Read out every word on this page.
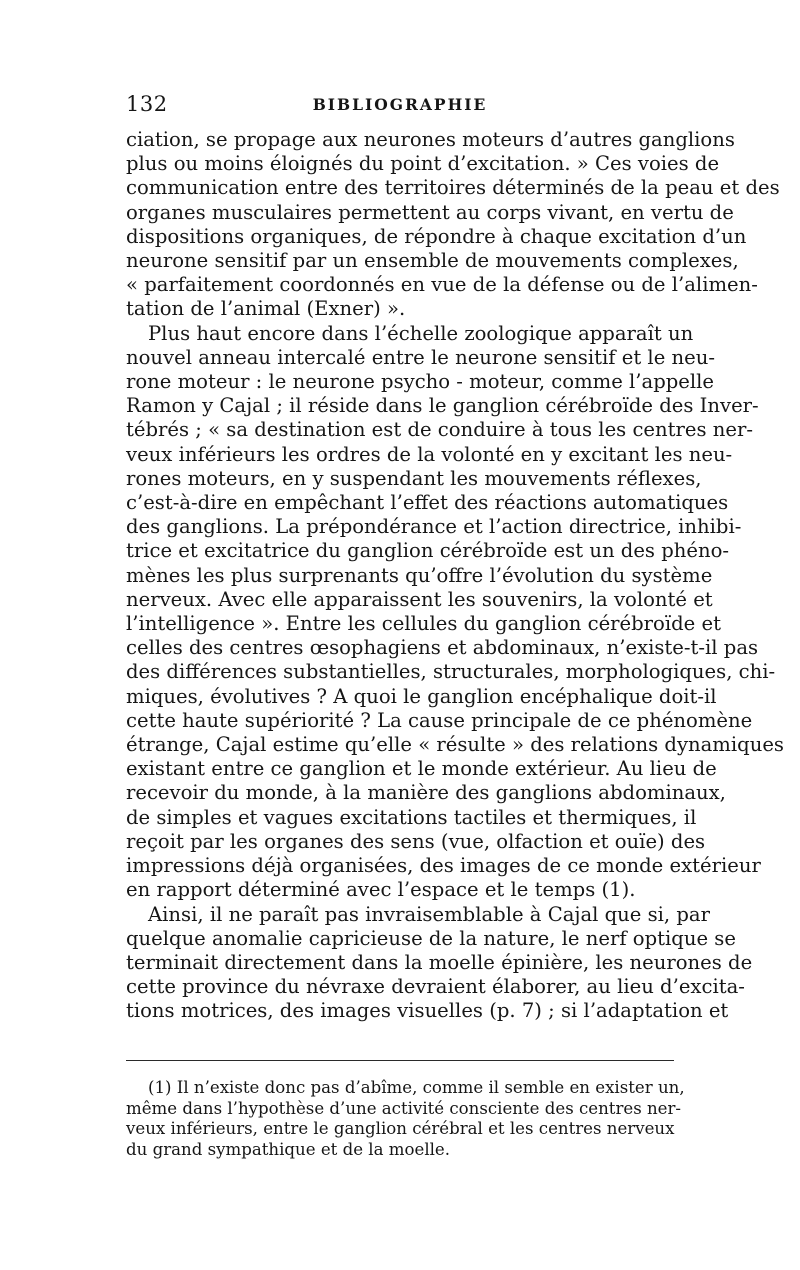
132	BIBLIOGRAPHIE

ciation, se propage aux neurones moteurs d’autres ganglions
plus ou moins éloignés du point d’excitation. » Ces voies de
communication entre des territoires déterminés de la peau et des
organes musculaires permettent au corps vivant, en vertu de
dispositions organiques, de répondre à chaque excitation d’un
neurone sensitif par un ensemble de mouvements complexes,
« parfaitement coordonnés en vue de la défense ou de l’alimen-
tation de l’animal (Exner) ».

Plus haut encore dans l’échelle zoologique apparaît un
nouvel anneau intercalé entre le neurone sensitif et le neu-
rone moteur : le neurone psycho - moteur, comme l’appelle
Ramon y Cajal ; il réside dans le ganglion cérébroïde des Inver-
tébrés ; « sa destination est de conduire à tous les centres ner-
veux inférieurs les ordres de la volonté en y excitant les neu-
rones moteurs, en y suspendant les mouvements réflexes,
c’est-à-dire en empêchant l’effet des réactions automatiques
des ganglions. La prépondérance et l’action directrice, inhibi-
trice et excitatrice du ganglion cérébroïde est un des phéno-
mènes les plus surprenants qu’offre l’évolution du système
nerveux. Avec elle apparaissent les souvenirs, la volonté et
l’intelligence ». Entre les cellules du ganglion cérébroïde et
celles des centres œsophagiens et abdominaux, n’existe-t-il pas
des différences substantielles, structurales, morphologiques, chi-
miques, évolutives ? A quoi le ganglion encéphalique doit-il
cette haute supériorité ? La cause principale de ce phénomène
étrange, Cajal estime qu’elle « résulte » des relations dynamiques
existant entre ce ganglion et le monde extérieur. Au lieu de
recevoir du monde, à la manière des ganglions abdominaux,
de simples et vagues excitations tactiles et thermiques, il
reçoit par les organes des sens (vue, olfaction et ouïe) des
impressions déjà organisées, des images de ce monde extérieur
en rapport déterminé avec l’espace et le temps (1).

Ainsi, il ne paraît pas invraisemblable à Cajal que si, par
quelque anomalie capricieuse de la nature, le nerf optique se
terminait directement dans la moelle épinière, les neurones de
cette province du névraxe devraient élaborer, au lieu d’excita-
tions motrices, des images visuelles (p. 7) ; si l’adaptation et

(1) Il n’existe donc pas d’abîme, comme il semble en exister un,
même dans l’hypothèse d’une activité consciente des centres ner-
veux inférieurs, entre le ganglion cérébral et les centres nerveux
du grand sympathique et de la moelle.
